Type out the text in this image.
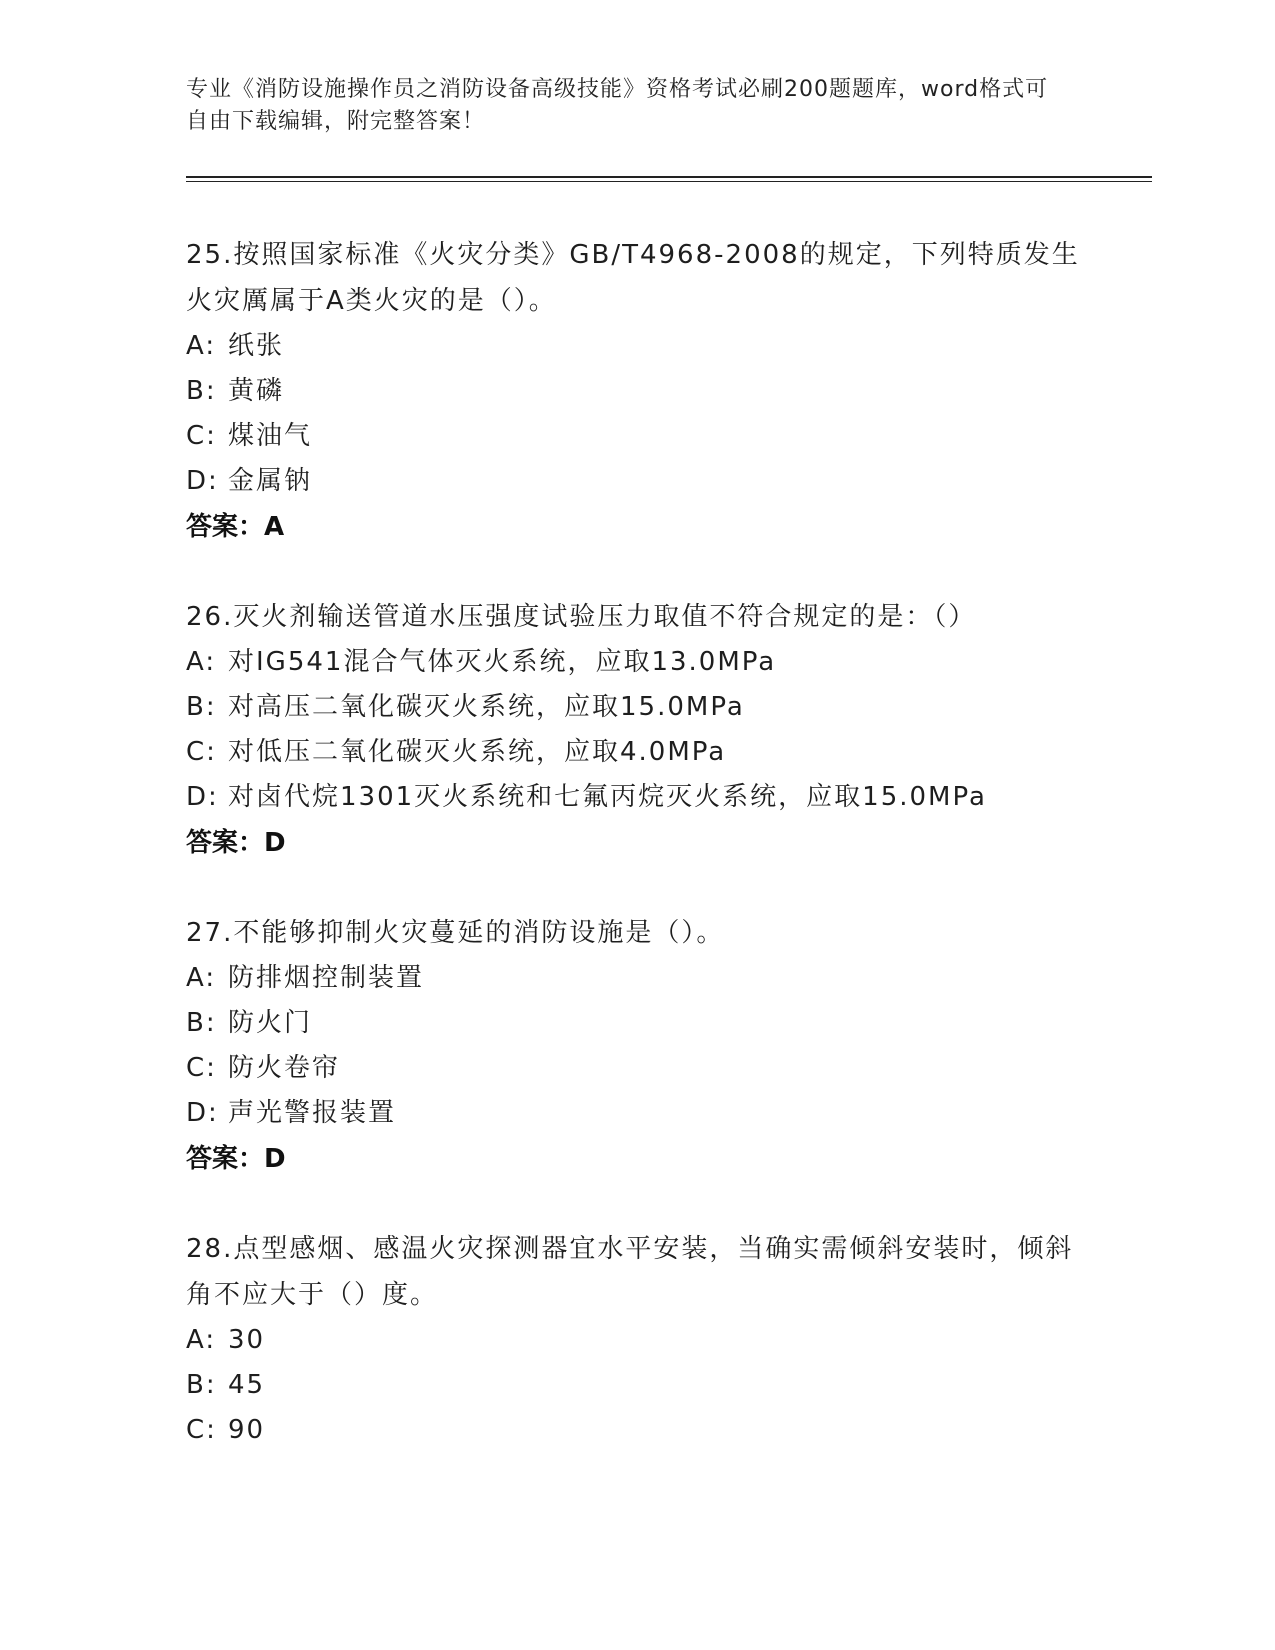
专业《消防设施操作员之消防设备高级技能》资格考试必刷200题题库，word格式可自由下载编辑，附完整答案！
25.按照国家标准《火灾分类》GB/T4968-2008的规定，下列特质发生火灾厲属于A类火灾的是（）。
A: 纸张
B: 黄磷
C: 煤油气
D: 金属钠
答案：A
26.灭火剂输送管道水压强度试验压力取值不符合规定的是：（）
A: 对IG541混合气体灭火系统，应取13.0MPa
B: 对高压二氧化碳灭火系统，应取15.0MPa
C: 对低压二氧化碳灭火系统，应取4.0MPa
D: 对卤代烷1301灭火系统和七氟丙烷灭火系统，应取15.0MPa
答案：D
27.不能够抑制火灾蔓延的消防设施是（）。
A: 防排烟控制装置
B: 防火门
C: 防火卷帘
D: 声光警报装置
答案：D
28.点型感烟、感温火灾探测器宜水平安装，当确实需倾斜安装时，倾斜角不应大于（）度。
A: 30
B: 45
C: 90
